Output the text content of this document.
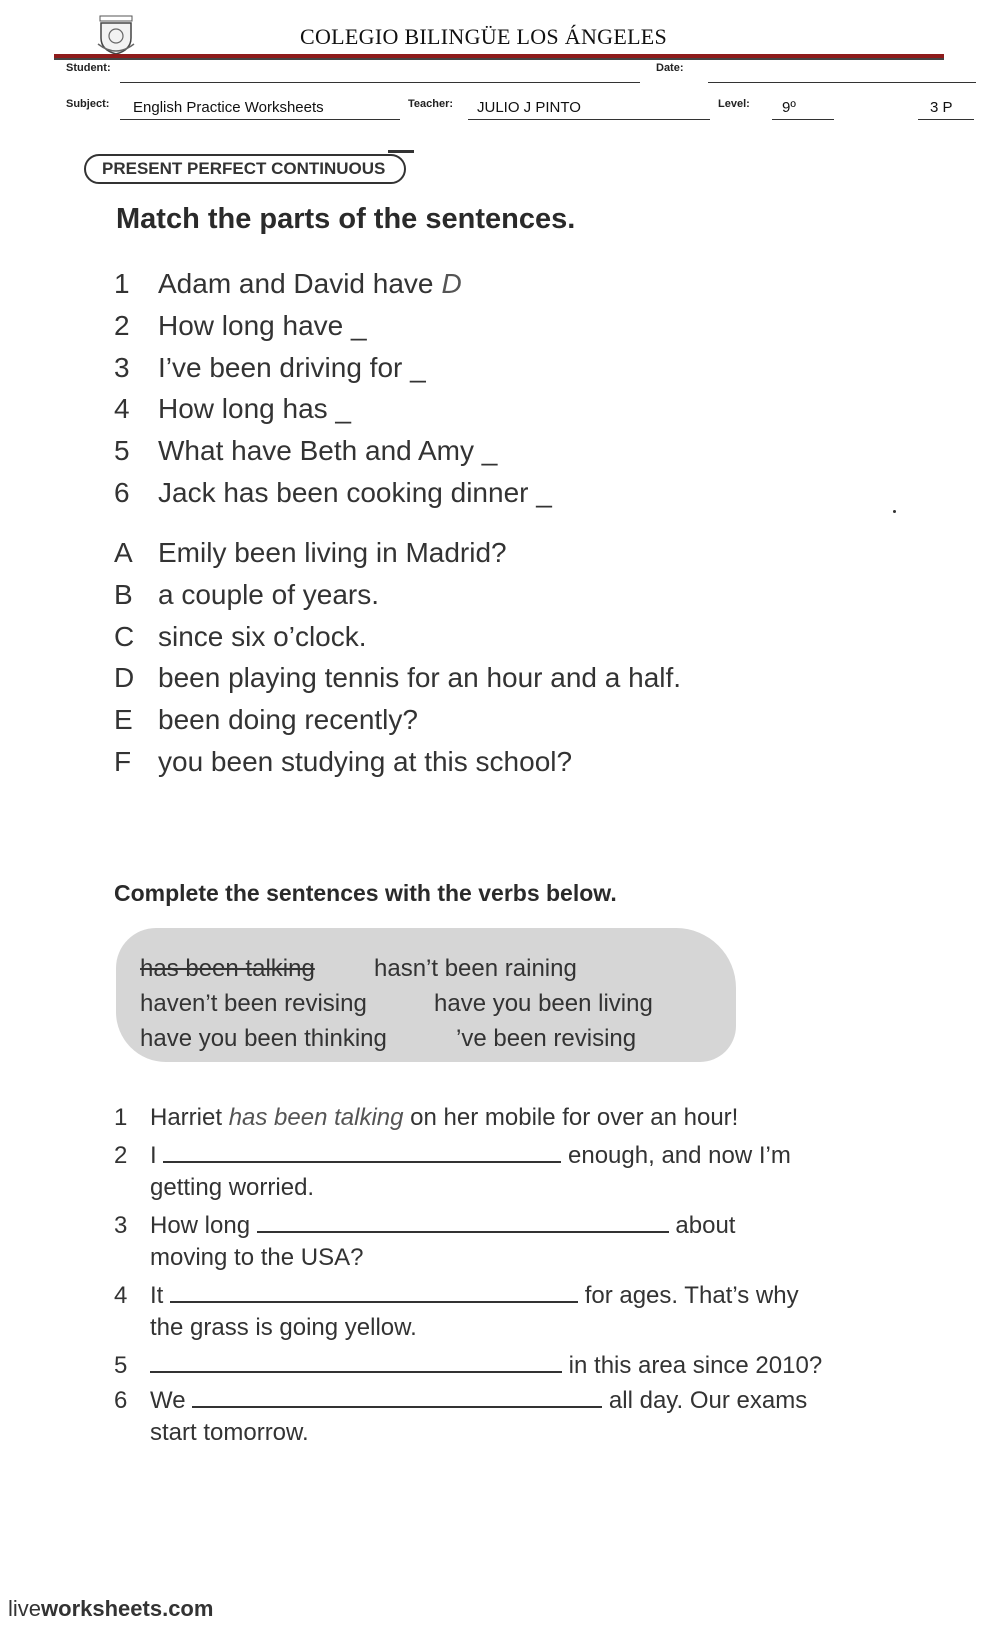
COLEGIO BILINGÜE LOS ÁNGELES
Student:	Date:
Subject: English Practice Worksheets	Teacher: JULIO J PINTO	Level: 9º	3 P
PRESENT PERFECT CONTINUOUS
Match the parts of the sentences.
1 Adam and David have D
2 How long have _
3 I’ve been driving for _
4 How long has _
5 What have Beth and Amy _
6 Jack has been cooking dinner _
A Emily been living in Madrid?
B a couple of years.
C since six o’clock.
D been playing tennis for an hour and a half.
E been doing recently?
F you been studying at this school?
Complete the sentences with the verbs below.
has been talking hasn’t been raining
haven’t been revising	have you been living
have you been thinking	’ve been revising
1 Harriet has been talking on her mobile for over an hour!
2 I	enough, and now I’m
getting worried.
3 How long	about
moving to the USA?
4 It	for ages. That’s why
the grass is going yellow.
5	in this area since 2010?
6 We	all day. Our exams
start tomorrow.
liveworksheets.com
